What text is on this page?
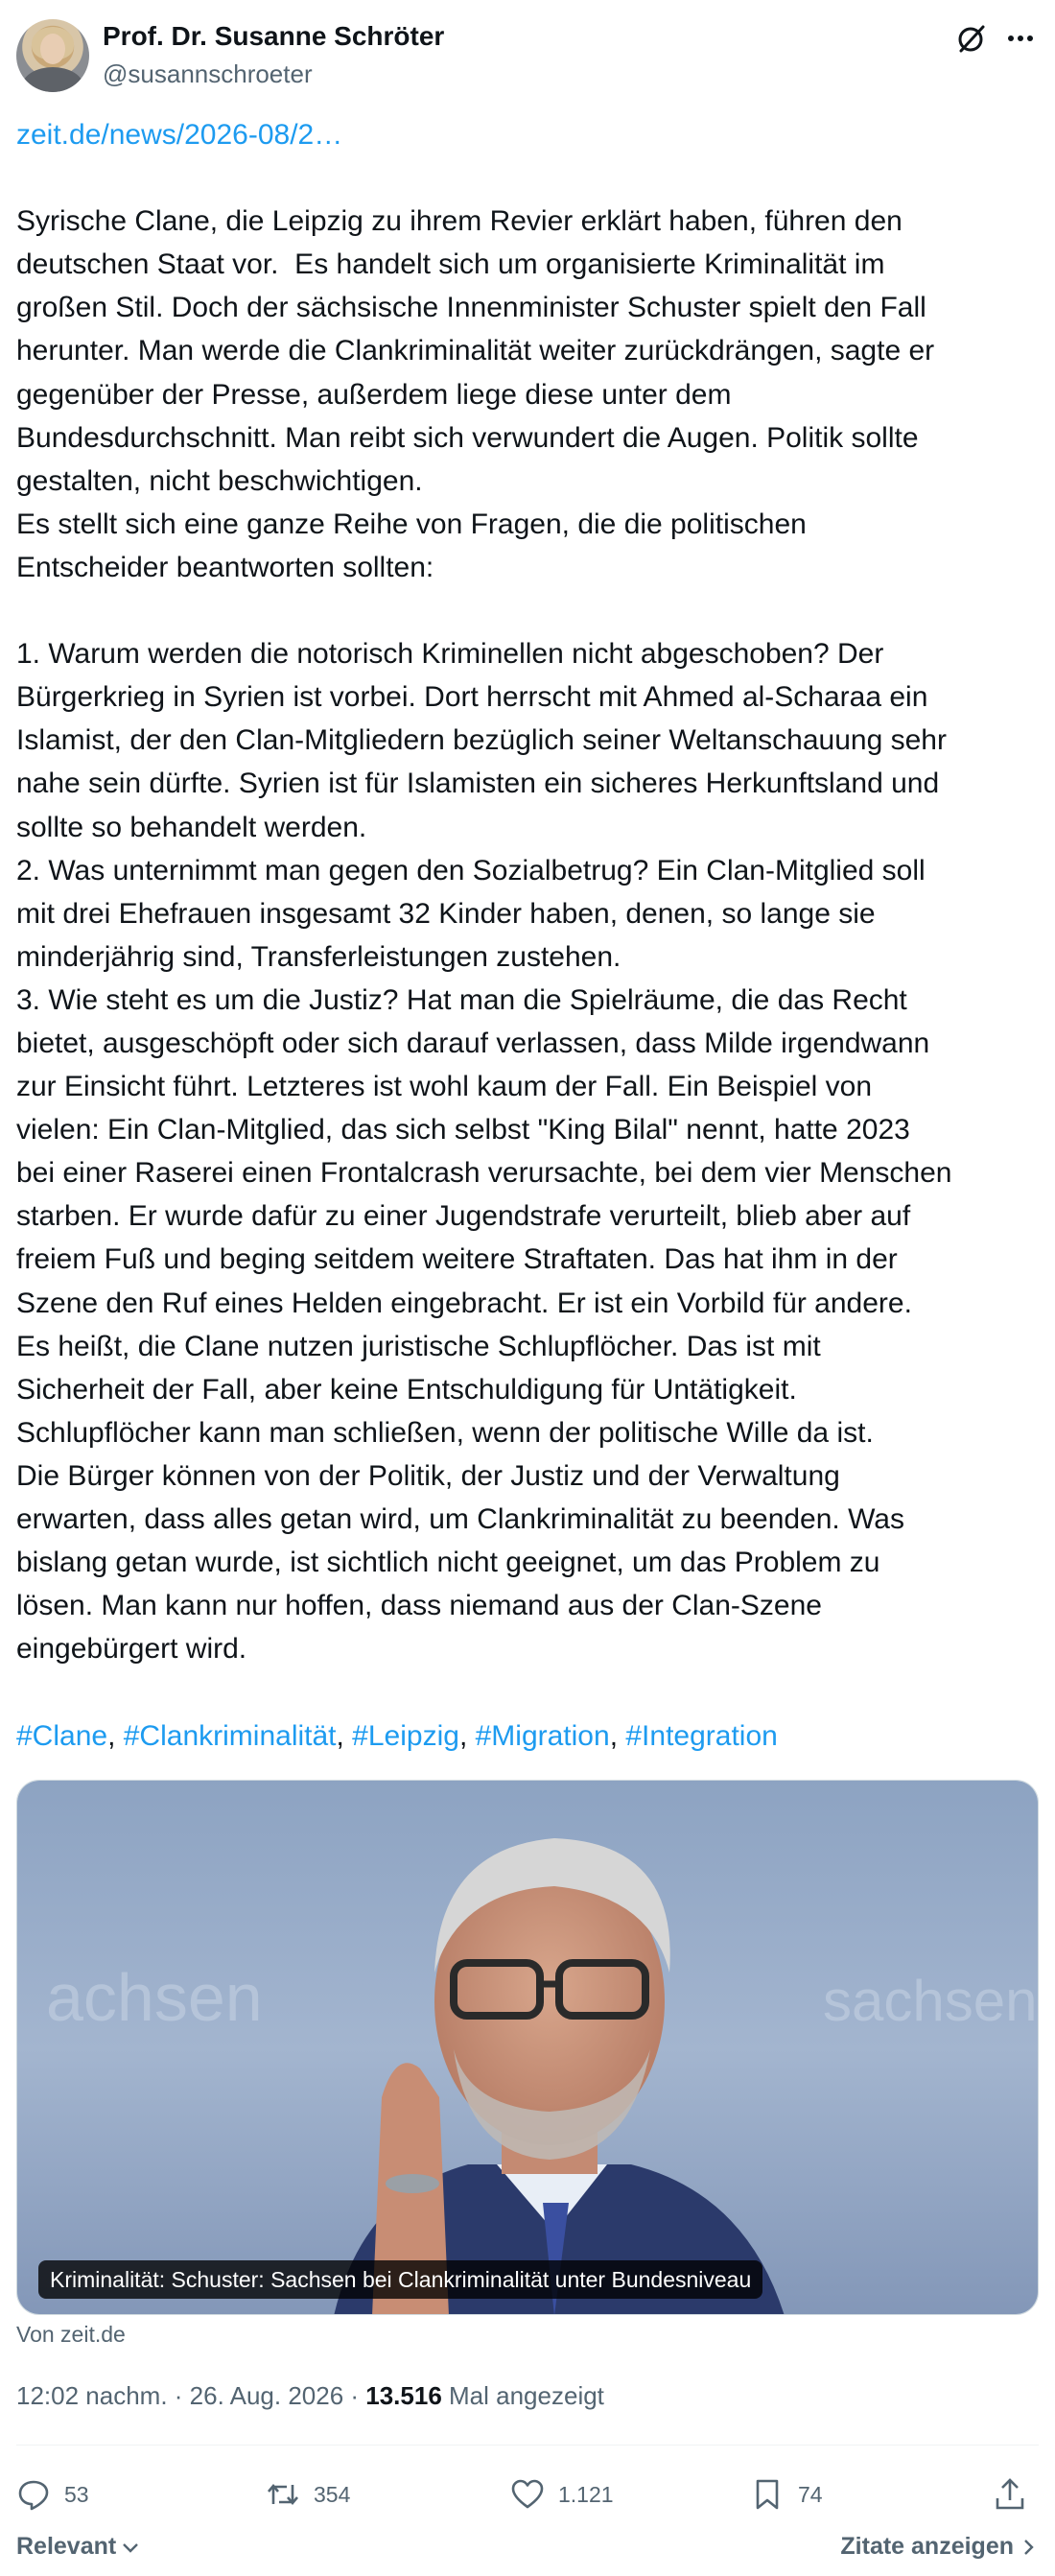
Prof. Dr. Susanne Schröter
@susannschroeter
zeit.de/news/2026-08/2…

Syrische Clane, die Leipzig zu ihrem Revier erklärt haben, führen den
deutschen Staat vor.  Es handelt sich um organisierte Kriminalität im
großen Stil. Doch der sächsische Innenminister Schuster spielt den Fall
herunter. Man werde die Clankriminalität weiter zurückdrängen, sagte er
gegenüber der Presse, außerdem liege diese unter dem
Bundesdurchschnitt. Man reibt sich verwundert die Augen. Politik sollte
gestalten, nicht beschwichtigen.
Es stellt sich eine ganze Reihe von Fragen, die die politischen
Entscheider beantworten sollten:

1. Warum werden die notorisch Kriminellen nicht abgeschoben? Der
Bürgerkrieg in Syrien ist vorbei. Dort herrscht mit Ahmed al-Scharaa ein
Islamist, der den Clan-Mitgliedern bezüglich seiner Weltanschauung sehr
nahe sein dürfte. Syrien ist für Islamisten ein sicheres Herkunftsland und
sollte so behandelt werden.
2. Was unternimmt man gegen den Sozialbetrug? Ein Clan-Mitglied soll
mit drei Ehefrauen insgesamt 32 Kinder haben, denen, so lange sie
minderjährig sind, Transferleistungen zustehen.
3. Wie steht es um die Justiz? Hat man die Spielräume, die das Recht
bietet, ausgeschöpft oder sich darauf verlassen, dass Milde irgendwann
zur Einsicht führt. Letzteres ist wohl kaum der Fall. Ein Beispiel von
vielen: Ein Clan-Mitglied, das sich selbst "King Bilal" nennt, hatte 2023
bei einer Raserei einen Frontalcrash verursachte, bei dem vier Menschen
starben. Er wurde dafür zu einer Jugendstrafe verurteilt, blieb aber auf
freiem Fuß und beging seitdem weitere Straftaten. Das hat ihm in der
Szene den Ruf eines Helden eingebracht. Er ist ein Vorbild für andere.
Es heißt, die Clane nutzen juristische Schlupflöcher. Das ist mit
Sicherheit der Fall, aber keine Entschuldigung für Untätigkeit.
Schlupflöcher kann man schließen, wenn der politische Wille da ist.
Die Bürger können von der Politik, der Justiz und der Verwaltung
erwarten, dass alles getan wird, um Clankriminalität zu beenden. Was
bislang getan wurde, ist sichtlich nicht geeignet, um das Problem zu
lösen. Man kann nur hoffen, dass niemand aus der Clan-Szene
eingebürgert wird.
#Clane, #Clankriminalität, #Leipzig, #Migration, #Integration
achsen	sachsen
Kriminalität: Schuster: Sachsen bei Clankriminalität unter Bundesniveau
Von zeit.de
12:02 nachm. · 26. Aug. 2026 · 13.516 Mal angezeigt
53	354	1.121	74
Relevant	Zitate anzeigen
